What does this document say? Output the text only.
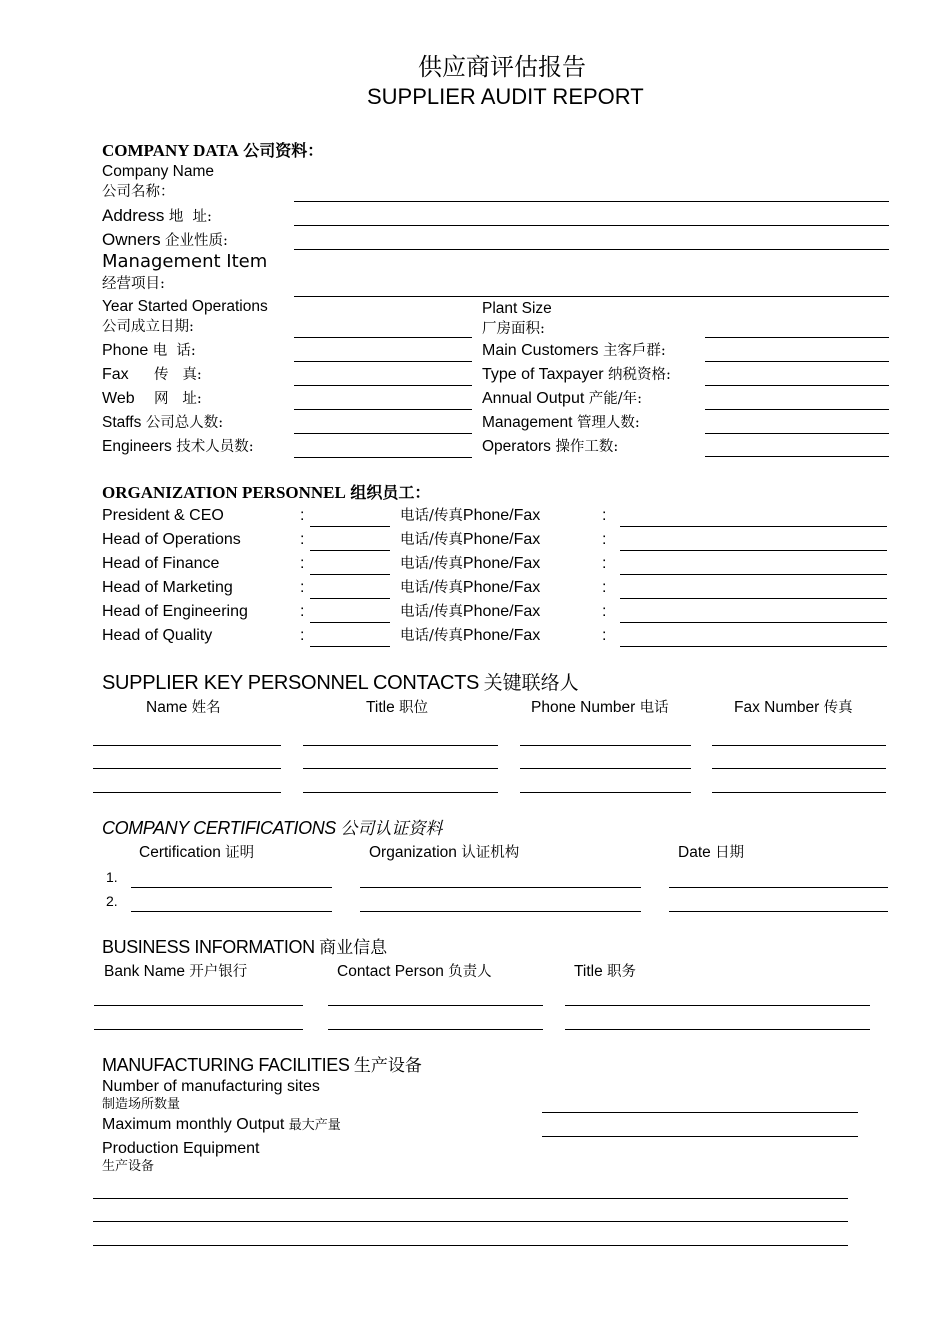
供应商评估报告
SUPPLIER AUDIT REPORT
COMPANY DATA 公司资料：
Company Name
公司名称：
Address 地  址:
Owners 企业性质:
Management Item
经营项目:
Year Started Operations
公司成立日期:
Plant Size
厂房面积:
Phone 电  话:	Main Customers 主客戶群:
Fax 传   真:	Type of Taxpayer 纳税资格:
Web 网   址:	Annual Output 产能/年:
Staffs 公司总人数:	Management 管理人数:
Engineers 技术人员数:	Operators 操作工数:
ORGANIZATION PERSONNEL 组织员工：
President & CEO	:	电话/传真Phone/Fax	:
Head of Operations	:	电话/传真Phone/Fax	:
Head of Finance	:	电话/传真Phone/Fax	:
Head of Marketing	:	电话/传真Phone/Fax	:
Head of Engineering	:	电话/传真Phone/Fax	:
Head of Quality	:	电话/传真Phone/Fax	:
SUPPLIER KEY PERSONNEL CONTACTS 关键联络人
Name 姓名	Title 职位	Phone Number 电话	Fax Number 传真
COMPANY CERTIFICATIONS 公司认证资料
Certification 证明	Organization 认证机构	Date 日期
1.
2.
BUSINESS INFORMATION 商业信息
Bank Name 开户银行	Contact Person 负责人	Title 职务
MANUFACTURING FACILITIES 生产设备
Number of manufacturing sites
制造场所数量
Maximum monthly Output 最大产量
Production Equipment
生产设备
